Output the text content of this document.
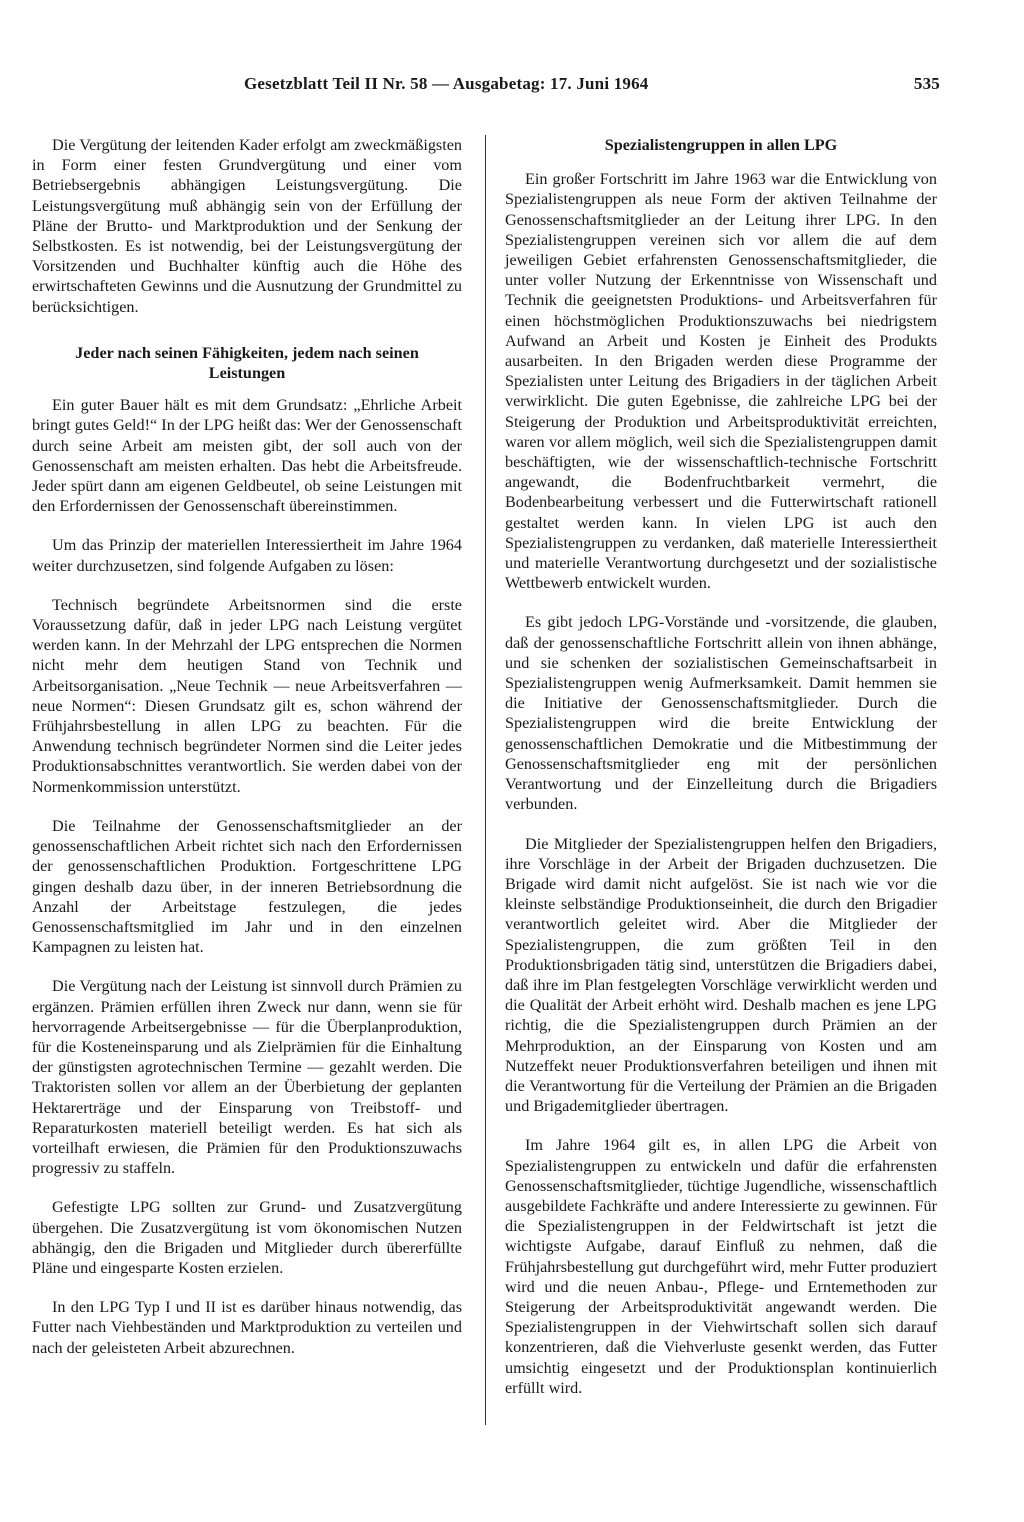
Gesetzblatt Teil II Nr. 58 — Ausgabetag: 17. Juni 1964	535

Die Vergütung der leitenden Kader erfolgt am zweckmäßigsten in Form einer festen Grundvergütung und einer vom Betriebsergebnis abhängigen Leistungsvergütung. Die Leistungsvergütung muß abhängig sein von der Erfüllung der Pläne der Brutto- und Marktproduktion und der Senkung der Selbstkosten. Es ist notwendig, bei der Leistungsvergütung der Vorsitzenden und Buchhalter künftig auch die Höhe des erwirtschafteten Gewinns und die Ausnutzung der Grundmittel zu berücksichtigen.

Jeder nach seinen Fähigkeiten, jedem nach seinen Leistungen

Ein guter Bauer hält es mit dem Grundsatz: „Ehrliche Arbeit bringt gutes Geld!“ In der LPG heißt das: Wer der Genossenschaft durch seine Arbeit am meisten gibt, der soll auch von der Genossenschaft am meisten erhalten. Das hebt die Arbeitsfreude. Jeder spürt dann am eigenen Geldbeutel, ob seine Leistungen mit den Erfordernissen der Genossenschaft übereinstimmen.

Um das Prinzip der materiellen Interessiertheit im Jahre 1964 weiter durchzusetzen, sind folgende Aufgaben zu lösen:

Technisch begründete Arbeitsnormen sind die erste Voraussetzung dafür, daß in jeder LPG nach Leistung vergütet werden kann. In der Mehrzahl der LPG entsprechen die Normen nicht mehr dem heutigen Stand von Technik und Arbeitsorganisation. „Neue Technik — neue Arbeitsverfahren — neue Normen“: Diesen Grundsatz gilt es, schon während der Frühjahrsbestellung in allen LPG zu beachten. Für die Anwendung technisch begründeter Normen sind die Leiter jedes Produktionsabschnittes verantwortlich. Sie werden dabei von der Normenkommission unterstützt.

Die Teilnahme der Genossenschaftsmitglieder an der genossenschaftlichen Arbeit richtet sich nach den Erfordernissen der genossenschaftlichen Produktion. Fortgeschrittene LPG gingen deshalb dazu über, in der inneren Betriebsordnung die Anzahl der Arbeitstage festzulegen, die jedes Genossenschaftsmitglied im Jahr und in den einzelnen Kampagnen zu leisten hat.

Die Vergütung nach der Leistung ist sinnvoll durch Prämien zu ergänzen. Prämien erfüllen ihren Zweck nur dann, wenn sie für hervorragende Arbeitsergebnisse — für die Überplanproduktion, für die Kosteneinsparung und als Zielprämien für die Einhaltung der günstigsten agrotechnischen Termine — gezahlt werden. Die Traktoristen sollen vor allem an der Überbietung der geplanten Hektarerträge und der Einsparung von Treibstoff- und Reparaturkosten materiell beteiligt werden. Es hat sich als vorteilhaft erwiesen, die Prämien für den Produktionszuwachs progressiv zu staffeln.

Gefestigte LPG sollten zur Grund- und Zusatzvergütung übergehen. Die Zusatzvergütung ist vom ökonomischen Nutzen abhängig, den die Brigaden und Mitglieder durch übererfüllte Pläne und eingesparte Kosten erzielen.

In den LPG Typ I und II ist es darüber hinaus notwendig, das Futter nach Viehbeständen und Marktproduktion zu verteilen und nach der geleisteten Arbeit abzurechnen.

Spezialistengruppen in allen LPG

Ein großer Fortschritt im Jahre 1963 war die Entwicklung von Spezialistengruppen als neue Form der aktiven Teilnahme der Genossenschaftsmitglieder an der Leitung ihrer LPG. In den Spezialistengruppen vereinen sich vor allem die auf dem jeweiligen Gebiet erfahrensten Genossenschaftsmitglieder, die unter voller Nutzung der Erkenntnisse von Wissenschaft und Technik die geeignetsten Produktions- und Arbeitsverfahren für einen höchstmöglichen Produktionszuwachs bei niedrigstem Aufwand an Arbeit und Kosten je Einheit des Produkts ausarbeiten. In den Brigaden werden diese Programme der Spezialisten unter Leitung des Brigadiers in der täglichen Arbeit verwirklicht. Die guten Egebnisse, die zahlreiche LPG bei der Steigerung der Produktion und Arbeitsproduktivität erreichten, waren vor allem möglich, weil sich die Spezialistengruppen damit beschäftigten, wie der wissenschaftlich-technische Fortschritt angewandt, die Bodenfruchtbarkeit vermehrt, die Bodenbearbeitung verbessert und die Futterwirtschaft rationell gestaltet werden kann. In vielen LPG ist auch den Spezialistengruppen zu verdanken, daß materielle Interessiertheit und materielle Verantwortung durchgesetzt und der sozialistische Wettbewerb entwickelt wurden.

Es gibt jedoch LPG-Vorstände und -vorsitzende, die glauben, daß der genossenschaftliche Fortschritt allein von ihnen abhänge, und sie schenken der sozialistischen Gemeinschaftsarbeit in Spezialistengruppen wenig Aufmerksamkeit. Damit hemmen sie die Initiative der Genossenschaftsmitglieder. Durch die Spezialistengruppen wird die breite Entwicklung der genossenschaftlichen Demokratie und die Mitbestimmung der Genossenschaftsmitglieder eng mit der persönlichen Verantwortung und der Einzelleitung durch die Brigadiers verbunden.

Die Mitglieder der Spezialistengruppen helfen den Brigadiers, ihre Vorschläge in der Arbeit der Brigaden duchzusetzen. Die Brigade wird damit nicht aufgelöst. Sie ist nach wie vor die kleinste selbständige Produktionseinheit, die durch den Brigadier verantwortlich geleitet wird. Aber die Mitglieder der Spezialistengruppen, die zum größten Teil in den Produktionsbrigaden tätig sind, unterstützen die Brigadiers dabei, daß ihre im Plan festgelegten Vorschläge verwirklicht werden und die Qualität der Arbeit erhöht wird. Deshalb machen es jene LPG richtig, die die Spezialistengruppen durch Prämien an der Mehrproduktion, an der Einsparung von Kosten und am Nutzeffekt neuer Produktionsverfahren beteiligen und ihnen mit die Verantwortung für die Verteilung der Prämien an die Brigaden und Brigademitglieder übertragen.

Im Jahre 1964 gilt es, in allen LPG die Arbeit von Spezialistengruppen zu entwickeln und dafür die erfahrensten Genossenschaftsmitglieder, tüchtige Jugendliche, wissenschaftlich ausgebildete Fachkräfte und andere Interessierte zu gewinnen. Für die Spezialistengruppen in der Feldwirtschaft ist jetzt die wichtigste Aufgabe, darauf Einfluß zu nehmen, daß die Frühjahrsbestellung gut durchgeführt wird, mehr Futter produziert wird und die neuen Anbau-, Pflege- und Erntemethoden zur Steigerung der Arbeitsproduktivität angewandt werden. Die Spezialistengruppen in der Viehwirtschaft sollen sich darauf konzentrieren, daß die Viehverluste gesenkt werden, das Futter umsichtig eingesetzt und der Produktionsplan kontinuierlich erfüllt wird.
